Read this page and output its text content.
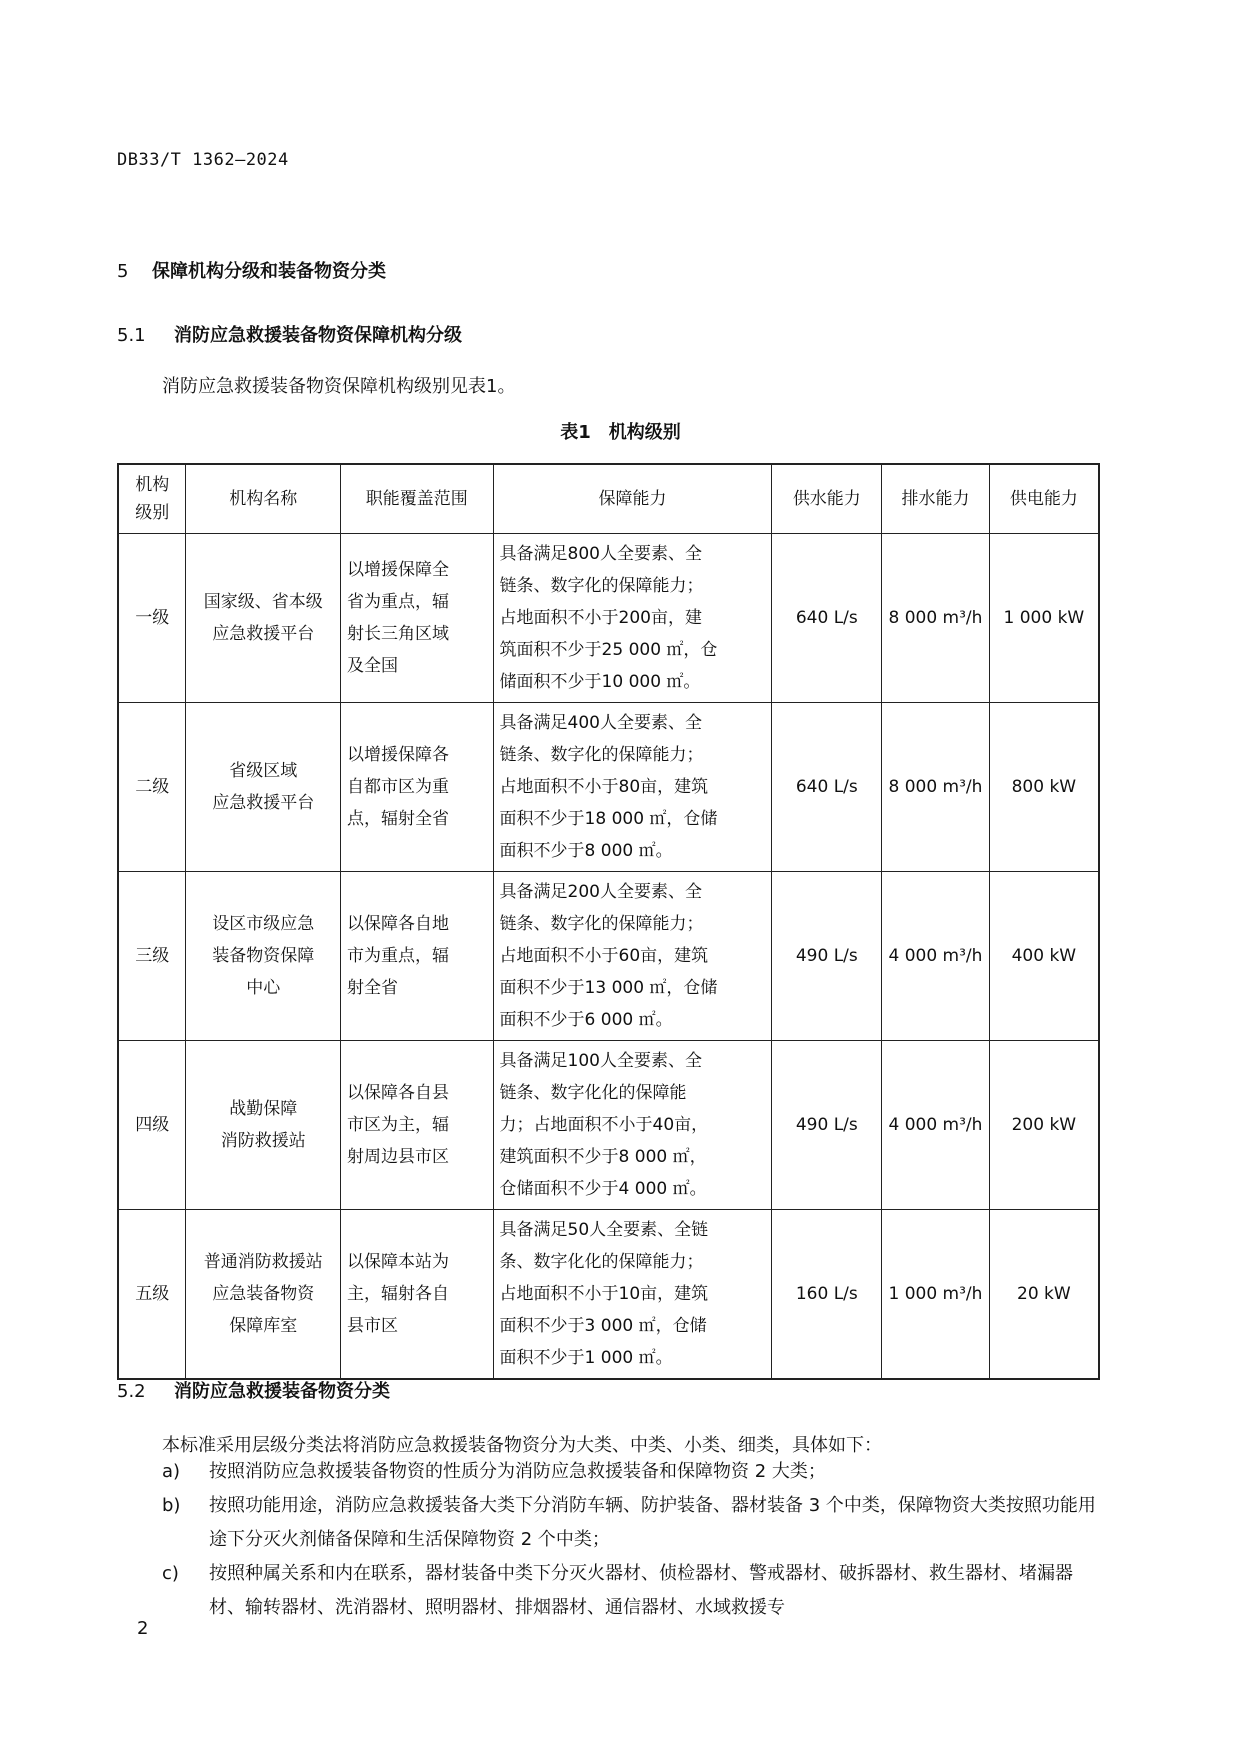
DB33/T 1362—2024
5 保障机构分级和装备物资分类
5.1 消防应急救援装备物资保障机构分级
消防应急救援装备物资保障机构级别见表1。
表1　机构级别
机构
级别	机构名称	职能覆盖范围	保障能力	供水能力	排水能力	供电能力

一级	国家级、省本级
应急救援平台	以增援保障全
省为重点，辐
射长三角区域
及全国	具备满足800人全要素、全
链条、数字化的保障能力；
占地面积不小于200亩，建
筑面积不少于25 000 ㎡，仓
储面积不少于10 000 ㎡。	640 L/s	8 000 m³/h	1 000 kW

二级	省级区域
应急救援平台	以增援保障各
自都市区为重
点，辐射全省	具备满足400人全要素、全
链条、数字化的保障能力；
占地面积不小于80亩，建筑
面积不少于18 000 ㎡，仓储
面积不少于8 000 ㎡。	640 L/s	8 000 m³/h	800 kW

三级	设区市级应急
装备物资保障
中心	以保障各自地
市为重点，辐
射全省	具备满足200人全要素、全
链条、数字化的保障能力；
占地面积不小于60亩，建筑
面积不少于13 000 ㎡，仓储
面积不少于6 000 ㎡。	490 L/s	4 000 m³/h	400 kW

四级	战勤保障
消防救援站	以保障各自县
市区为主，辐
射周边县市区	具备满足100人全要素、全
链条、数字化化的保障能
力；占地面积不小于40亩，
建筑面积不少于8 000 ㎡，
仓储面积不少于4 000 ㎡。	490 L/s	4 000 m³/h	200 kW

五级	普通消防救援站
应急装备物资
保障库室	以保障本站为
主，辐射各自
县市区	具备满足50人全要素、全链
条、数字化化的保障能力；
占地面积不小于10亩，建筑
面积不少于3 000 ㎡，仓储
面积不少于1 000 ㎡。	160 L/s	1 000 m³/h	20 kW
5.2 消防应急救援装备物资分类
本标准采用层级分类法将消防应急救援装备物资分为大类、中类、小类、细类，具体如下：
a) 按照消防应急救援装备物资的性质分为消防应急救援装备和保障物资 2 大类；
b) 按照功能用途，消防应急救援装备大类下分消防车辆、防护装备、器材装备 3 个中类，保障物资大类按照功能用途下分灭火剂储备保障和生活保障物资 2 个中类；
c) 按照种属关系和内在联系，器材装备中类下分灭火器材、侦检器材、警戒器材、破拆器材、救生器材、堵漏器材、输转器材、洗消器材、照明器材、排烟器材、通信器材、水域救援专
2
